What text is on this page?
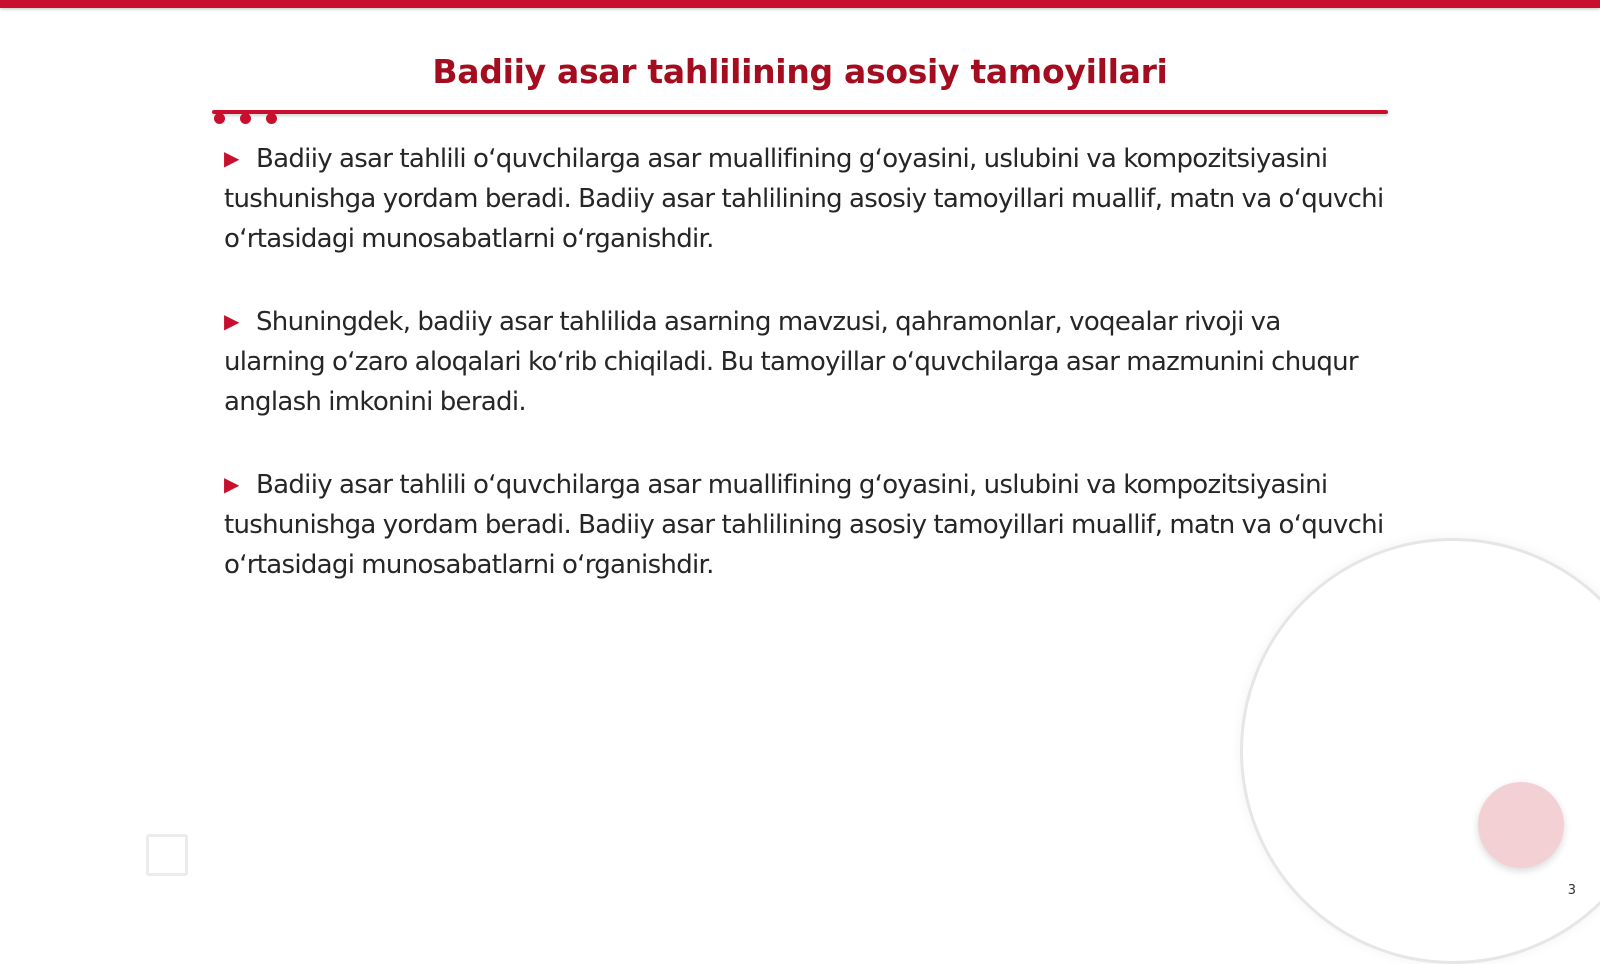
Badiiy asar tahlilining asosiy tamoyillari

▶ Badiiy asar tahlili oʻquvchilarga asar muallifining gʻoyasini, uslubini va kompozitsiyasini tushunishga yordam beradi. Badiiy asar tahlilining asosiy tamoyillari muallif, matn va oʻquvchi oʻrtasidagi munosabatlarni oʻrganishdir.

▶ Shuningdek, badiiy asar tahlilida asarning mavzusi, qahramonlar, voqealar rivoji va ularning oʻzaro aloqalari koʻrib chiqiladi. Bu tamoyillar oʻquvchilarga asar mazmunini chuqur anglash imkonini beradi.

▶ Badiiy asar tahlili oʻquvchilarga asar muallifining gʻoyasini, uslubini va kompozitsiyasini tushunishga yordam beradi. Badiiy asar tahlilining asosiy tamoyillari muallif, matn va oʻquvchi oʻrtasidagi munosabatlarni oʻrganishdir.

3
